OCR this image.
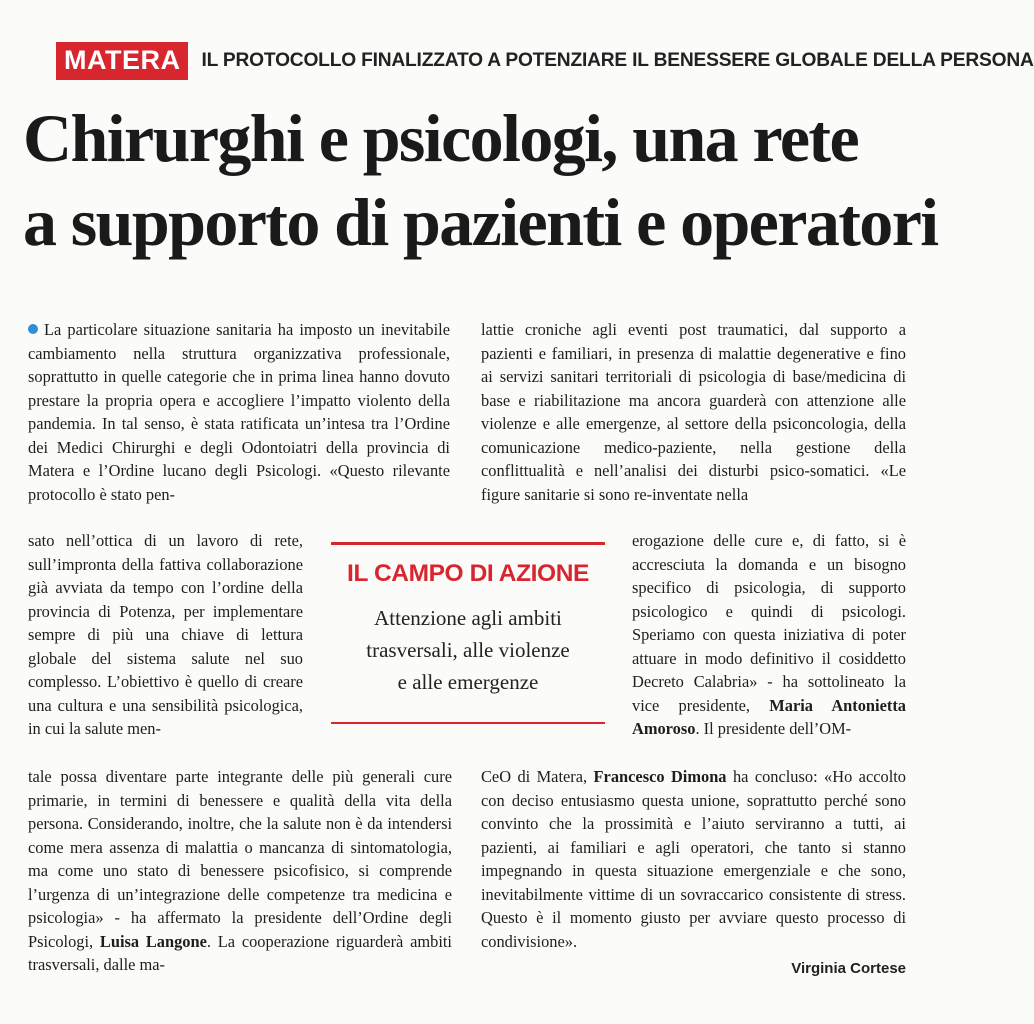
MATERA	IL PROTOCOLLO FINALIZZATO A POTENZIARE IL BENESSERE GLOBALE DELLA PERSONA
Chirurghi e psicologi, una rete
a supporto di pazienti e operatori
La particolare situazione sanitaria ha imposto un inevitabile cambiamento nella struttura organizzativa professionale, soprattutto in quelle categorie che in prima linea hanno dovuto prestare la propria opera e accogliere l’impatto violento della pandemia. In tal senso, è stata ratificata un’intesa tra l’Ordine dei Medici Chirurghi e degli Odontoiatri della provincia di Matera e l’Ordine lucano degli Psicologi. «Questo rilevante protocollo è stato pen-
sato nell’ottica di un lavoro di rete, sull’impronta della fattiva collaborazione già avviata da tempo con l’ordine della provincia di Potenza, per implementare sempre di più una chiave di lettura globale del sistema salute nel suo complesso. L’obiettivo è quello di creare una cultura e una sensibilità psicologica, in cui la salute men-
tale possa diventare parte integrante delle più generali cure primarie, in termini di benessere e qualità della vita della persona. Considerando, inoltre, che la salute non è da intendersi come mera assenza di malattia o mancanza di sintomatologia, ma come uno stato di benessere psicofisico, si comprende l’urgenza di un’integrazione delle competenze tra medicina e psicologia» - ha affermato la presidente dell’Ordine degli Psicologi, Luisa Langone. La cooperazione riguarderà ambiti trasversali, dalle ma-
lattie croniche agli eventi post traumatici, dal supporto a pazienti e familiari, in presenza di malattie degenerative e fino ai servizi sanitari territoriali di psicologia di base/medicina di base e riabilitazione ma ancora guarderà con attenzione alle violenze e alle emergenze, al settore della psiconcologia, della comunicazione medico-paziente, nella gestione della conflittualità e nell’analisi dei disturbi psico-somatici. «Le figure sanitarie si sono re-inventate nella
erogazione delle cure e, di fatto, si è accresciuta la domanda e un bisogno specifico di psicologia, di supporto psicologico e quindi di psicologi. Speriamo con questa iniziativa di poter attuare in modo definitivo il cosiddetto Decreto Calabria» - ha sottolineato la vice presidente, Maria Antonietta Amoroso. Il presidente dell’OM-
CeO di Matera, Francesco Dimona ha concluso: «Ho accolto con deciso entusiasmo questa unione, soprattutto perché sono convinto che la prossimità e l’aiuto serviranno a tutti, ai pazienti, ai familiari e agli operatori, che tanto si stanno impegnando in questa situazione emergenziale e che sono, inevitabilmente vittime di un sovraccarico consistente di stress. Questo è il momento giusto per avviare questo processo di condivisione».
IL CAMPO DI AZIONE

Attenzione agli ambiti
trasversali, alle violenze
e alle emergenze

Virginia Cortese
